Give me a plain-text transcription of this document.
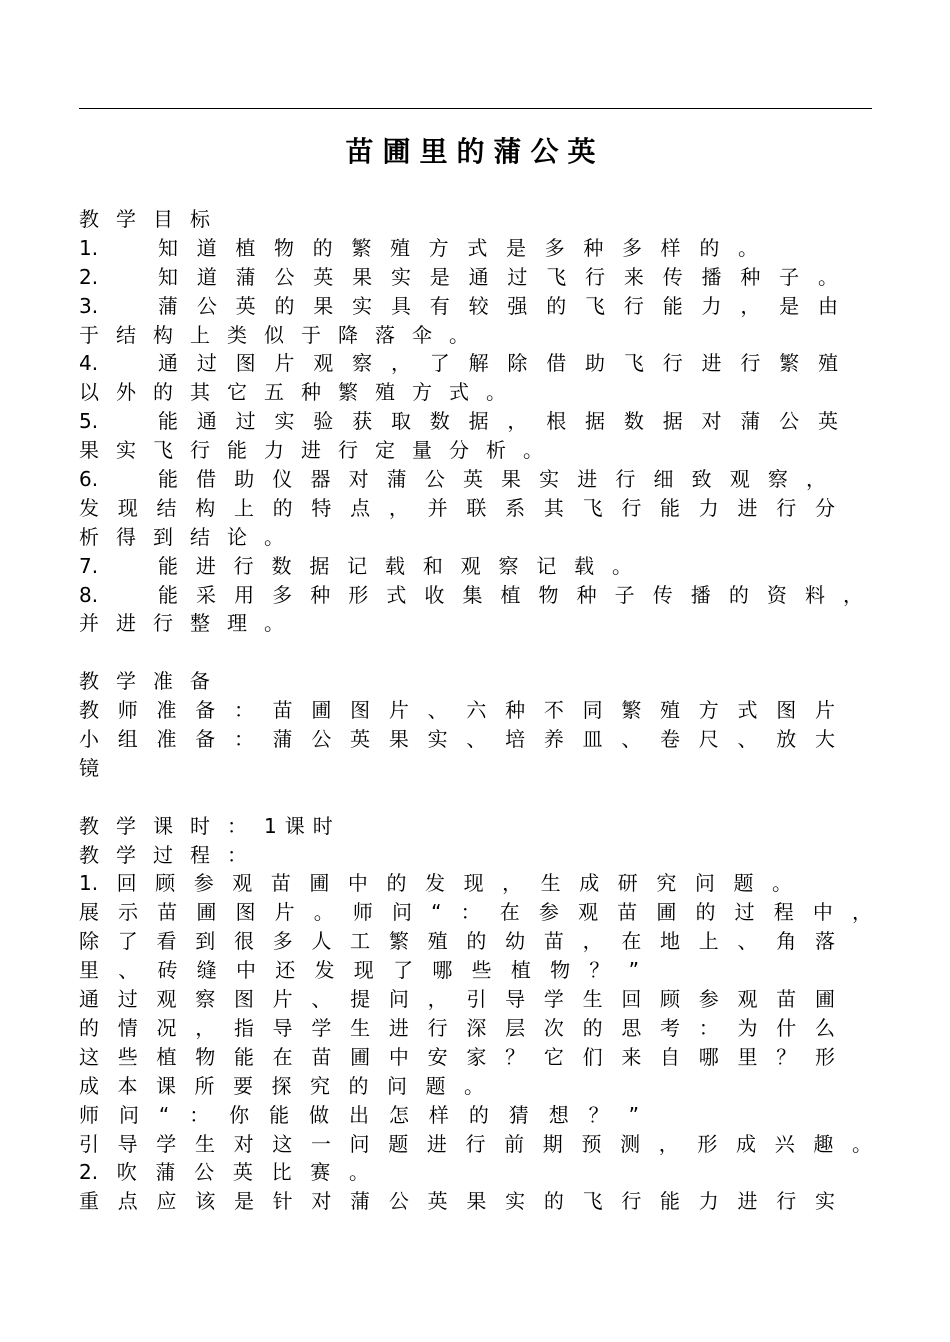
苗圃里的蒲公英
教学目标
1.	知道植物的繁殖方式是多种多样的。
2.	知道蒲公英果实是通过飞行来传播种子。
3.	蒲公英的果实具有较强的飞行能力，是由
于结构上类似于降落伞。
4.	通过图片观察，了解除借助飞行进行繁殖
以外的其它五种繁殖方式。
5.	能通过实验获取数据，根据数据对蒲公英
果实飞行能力进行定量分析。
6.	能借助仪器对蒲公英果实进行细致观察，
发现结构上的特点，并联系其飞行能力进行分
析得到结论。
7.	能进行数据记载和观察记载。
8.	能采用多种形式收集植物种子传播的资料，
并进行整理。
教学准备
教师准备：苗圃图片、六种不同繁殖方式图片
小组准备：蒲公英果实、培养皿、卷尺、放大
镜
教学课时：1课时
教学过程：
1.回顾参观苗圃中的发现，生成研究问题。
展示苗圃图片。师问“：在参观苗圃的过程中，
除了看到很多人工繁殖的幼苗，在地上、角落
里、砖缝中还发现了哪些植物？”
通过观察图片、提问，引导学生回顾参观苗圃
的情况，指导学生进行深层次的思考：为什么
这些植物能在苗圃中安家？它们来自哪里？形
成本课所要探究的问题。
师问“：你能做出怎样的猜想？”
引导学生对这一问题进行前期预测，形成兴趣。
2.吹蒲公英比赛。
重点应该是针对蒲公英果实的飞行能力进行实
